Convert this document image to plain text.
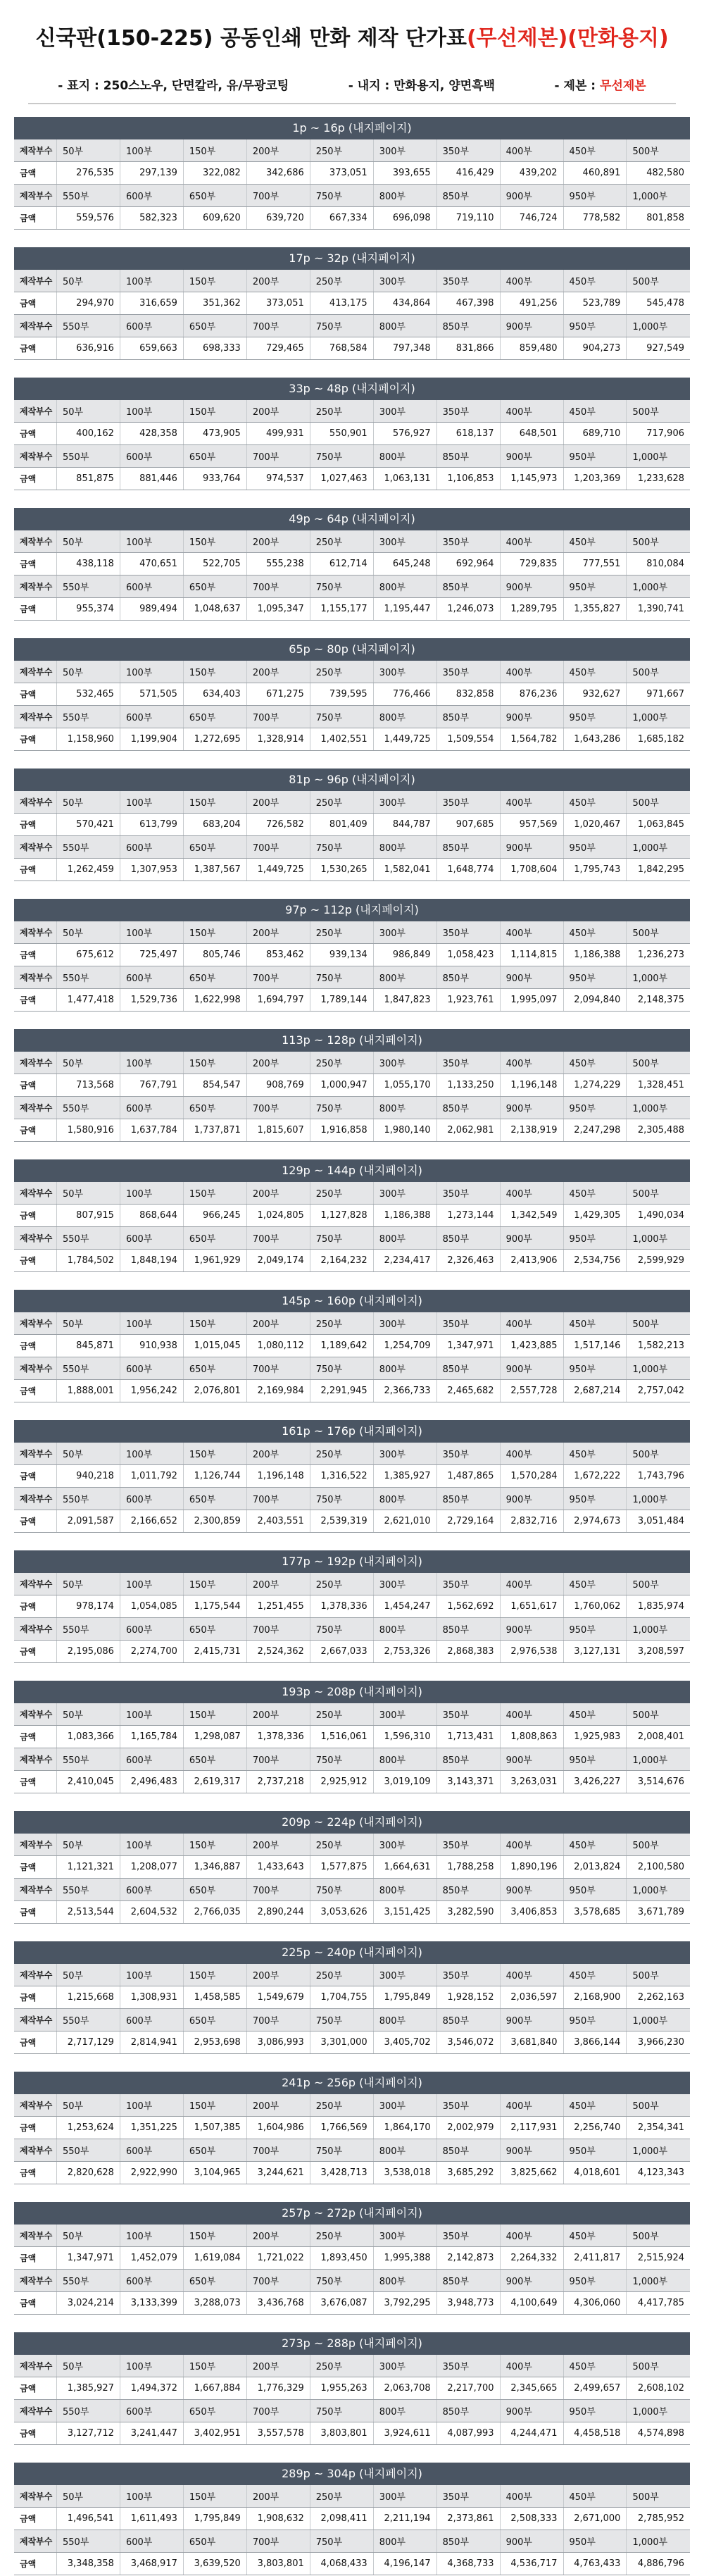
신국판(150-225) 공동인쇄 만화 제작 단가표 (무선제본)(만화용지)
- 표지 : 250스노우, 단면칼라, 유/무광코팅	- 내지 : 만화용지, 양면흑백	- 제본 : 무선제본
1p ~ 16p (내지페이지)
제작부수	50부	100부	150부	200부	250부	300부	350부	400부	450부	500부
금액	276,535	297,139	322,082	342,686	373,051	393,655	416,429	439,202	460,891	482,580
제작부수	550부	600부	650부	700부	750부	800부	850부	900부	950부	1,000부
금액	559,576	582,323	609,620	639,720	667,334	696,098	719,110	746,724	778,582	801,858
17p ~ 32p (내지페이지)
제작부수	50부	100부	150부	200부	250부	300부	350부	400부	450부	500부
금액	294,970	316,659	351,362	373,051	413,175	434,864	467,398	491,256	523,789	545,478
제작부수	550부	600부	650부	700부	750부	800부	850부	900부	950부	1,000부
금액	636,916	659,663	698,333	729,465	768,584	797,348	831,866	859,480	904,273	927,549
33p ~ 48p (내지페이지)
제작부수	50부	100부	150부	200부	250부	300부	350부	400부	450부	500부
금액	400,162	428,358	473,905	499,931	550,901	576,927	618,137	648,501	689,710	717,906
제작부수	550부	600부	650부	700부	750부	800부	850부	900부	950부	1,000부
금액	851,875	881,446	933,764	974,537	1,027,463	1,063,131	1,106,853	1,145,973	1,203,369	1,233,628
49p ~ 64p (내지페이지)
제작부수	50부	100부	150부	200부	250부	300부	350부	400부	450부	500부
금액	438,118	470,651	522,705	555,238	612,714	645,248	692,964	729,835	777,551	810,084
제작부수	550부	600부	650부	700부	750부	800부	850부	900부	950부	1,000부
금액	955,374	989,494	1,048,637	1,095,347	1,155,177	1,195,447	1,246,073	1,289,795	1,355,827	1,390,741
65p ~ 80p (내지페이지)
제작부수	50부	100부	150부	200부	250부	300부	350부	400부	450부	500부
금액	532,465	571,505	634,403	671,275	739,595	776,466	832,858	876,236	932,627	971,667
제작부수	550부	600부	650부	700부	750부	800부	850부	900부	950부	1,000부
금액	1,158,960	1,199,904	1,272,695	1,328,914	1,402,551	1,449,725	1,509,554	1,564,782	1,643,286	1,685,182
81p ~ 96p (내지페이지)
제작부수	50부	100부	150부	200부	250부	300부	350부	400부	450부	500부
금액	570,421	613,799	683,204	726,582	801,409	844,787	907,685	957,569	1,020,467	1,063,845
제작부수	550부	600부	650부	700부	750부	800부	850부	900부	950부	1,000부
금액	1,262,459	1,307,953	1,387,567	1,449,725	1,530,265	1,582,041	1,648,774	1,708,604	1,795,743	1,842,295
97p ~ 112p (내지페이지)
제작부수	50부	100부	150부	200부	250부	300부	350부	400부	450부	500부
금액	675,612	725,497	805,746	853,462	939,134	986,849	1,058,423	1,114,815	1,186,388	1,236,273
제작부수	550부	600부	650부	700부	750부	800부	850부	900부	950부	1,000부
금액	1,477,418	1,529,736	1,622,998	1,694,797	1,789,144	1,847,823	1,923,761	1,995,097	2,094,840	2,148,375
113p ~ 128p (내지페이지)
제작부수	50부	100부	150부	200부	250부	300부	350부	400부	450부	500부
금액	713,568	767,791	854,547	908,769	1,000,947	1,055,170	1,133,250	1,196,148	1,274,229	1,328,451
제작부수	550부	600부	650부	700부	750부	800부	850부	900부	950부	1,000부
금액	1,580,916	1,637,784	1,737,871	1,815,607	1,916,858	1,980,140	2,062,981	2,138,919	2,247,298	2,305,488
129p ~ 144p (내지페이지)
제작부수	50부	100부	150부	200부	250부	300부	350부	400부	450부	500부
금액	807,915	868,644	966,245	1,024,805	1,127,828	1,186,388	1,273,144	1,342,549	1,429,305	1,490,034
제작부수	550부	600부	650부	700부	750부	800부	850부	900부	950부	1,000부
금액	1,784,502	1,848,194	1,961,929	2,049,174	2,164,232	2,234,417	2,326,463	2,413,906	2,534,756	2,599,929
145p ~ 160p (내지페이지)
제작부수	50부	100부	150부	200부	250부	300부	350부	400부	450부	500부
금액	845,871	910,938	1,015,045	1,080,112	1,189,642	1,254,709	1,347,971	1,423,885	1,517,146	1,582,213
제작부수	550부	600부	650부	700부	750부	800부	850부	900부	950부	1,000부
금액	1,888,001	1,956,242	2,076,801	2,169,984	2,291,945	2,366,733	2,465,682	2,557,728	2,687,214	2,757,042
161p ~ 176p (내지페이지)
제작부수	50부	100부	150부	200부	250부	300부	350부	400부	450부	500부
금액	940,218	1,011,792	1,126,744	1,196,148	1,316,522	1,385,927	1,487,865	1,570,284	1,672,222	1,743,796
제작부수	550부	600부	650부	700부	750부	800부	850부	900부	950부	1,000부
금액	2,091,587	2,166,652	2,300,859	2,403,551	2,539,319	2,621,010	2,729,164	2,832,716	2,974,673	3,051,484
177p ~ 192p (내지페이지)
제작부수	50부	100부	150부	200부	250부	300부	350부	400부	450부	500부
금액	978,174	1,054,085	1,175,544	1,251,455	1,378,336	1,454,247	1,562,692	1,651,617	1,760,062	1,835,974
제작부수	550부	600부	650부	700부	750부	800부	850부	900부	950부	1,000부
금액	2,195,086	2,274,700	2,415,731	2,524,362	2,667,033	2,753,326	2,868,383	2,976,538	3,127,131	3,208,597
193p ~ 208p (내지페이지)
제작부수	50부	100부	150부	200부	250부	300부	350부	400부	450부	500부
금액	1,083,366	1,165,784	1,298,087	1,378,336	1,516,061	1,596,310	1,713,431	1,808,863	1,925,983	2,008,401
제작부수	550부	600부	650부	700부	750부	800부	850부	900부	950부	1,000부
금액	2,410,045	2,496,483	2,619,317	2,737,218	2,925,912	3,019,109	3,143,371	3,263,031	3,426,227	3,514,676
209p ~ 224p (내지페이지)
제작부수	50부	100부	150부	200부	250부	300부	350부	400부	450부	500부
금액	1,121,321	1,208,077	1,346,887	1,433,643	1,577,875	1,664,631	1,788,258	1,890,196	2,013,824	2,100,580
제작부수	550부	600부	650부	700부	750부	800부	850부	900부	950부	1,000부
금액	2,513,544	2,604,532	2,766,035	2,890,244	3,053,626	3,151,425	3,282,590	3,406,853	3,578,685	3,671,789
225p ~ 240p (내지페이지)
제작부수	50부	100부	150부	200부	250부	300부	350부	400부	450부	500부
금액	1,215,668	1,308,931	1,458,585	1,549,679	1,704,755	1,795,849	1,928,152	2,036,597	2,168,900	2,262,163
제작부수	550부	600부	650부	700부	750부	800부	850부	900부	950부	1,000부
금액	2,717,129	2,814,941	2,953,698	3,086,993	3,301,000	3,405,702	3,546,072	3,681,840	3,866,144	3,966,230
241p ~ 256p (내지페이지)
제작부수	50부	100부	150부	200부	250부	300부	350부	400부	450부	500부
금액	1,253,624	1,351,225	1,507,385	1,604,986	1,766,569	1,864,170	2,002,979	2,117,931	2,256,740	2,354,341
제작부수	550부	600부	650부	700부	750부	800부	850부	900부	950부	1,000부
금액	2,820,628	2,922,990	3,104,965	3,244,621	3,428,713	3,538,018	3,685,292	3,825,662	4,018,601	4,123,343
257p ~ 272p (내지페이지)
제작부수	50부	100부	150부	200부	250부	300부	350부	400부	450부	500부
금액	1,347,971	1,452,079	1,619,084	1,721,022	1,893,450	1,995,388	2,142,873	2,264,332	2,411,817	2,515,924
제작부수	550부	600부	650부	700부	750부	800부	850부	900부	950부	1,000부
금액	3,024,214	3,133,399	3,288,073	3,436,768	3,676,087	3,792,295	3,948,773	4,100,649	4,306,060	4,417,785
273p ~ 288p (내지페이지)
제작부수	50부	100부	150부	200부	250부	300부	350부	400부	450부	500부
금액	1,385,927	1,494,372	1,667,884	1,776,329	1,955,263	2,063,708	2,217,700	2,345,665	2,499,657	2,608,102
제작부수	550부	600부	650부	700부	750부	800부	850부	900부	950부	1,000부
금액	3,127,712	3,241,447	3,402,951	3,557,578	3,803,801	3,924,611	4,087,993	4,244,471	4,458,518	4,574,898
289p ~ 304p (내지페이지)
제작부수	50부	100부	150부	200부	250부	300부	350부	400부	450부	500부
금액	1,496,541	1,611,493	1,795,849	1,908,632	2,098,411	2,211,194	2,373,861	2,508,333	2,671,000	2,785,952
제작부수	550부	600부	650부	700부	750부	800부	850부	900부	950부	1,000부
금액	3,348,358	3,468,917	3,639,520	3,803,801	4,068,433	4,196,147	4,368,733	4,536,717	4,763,433	4,886,796
